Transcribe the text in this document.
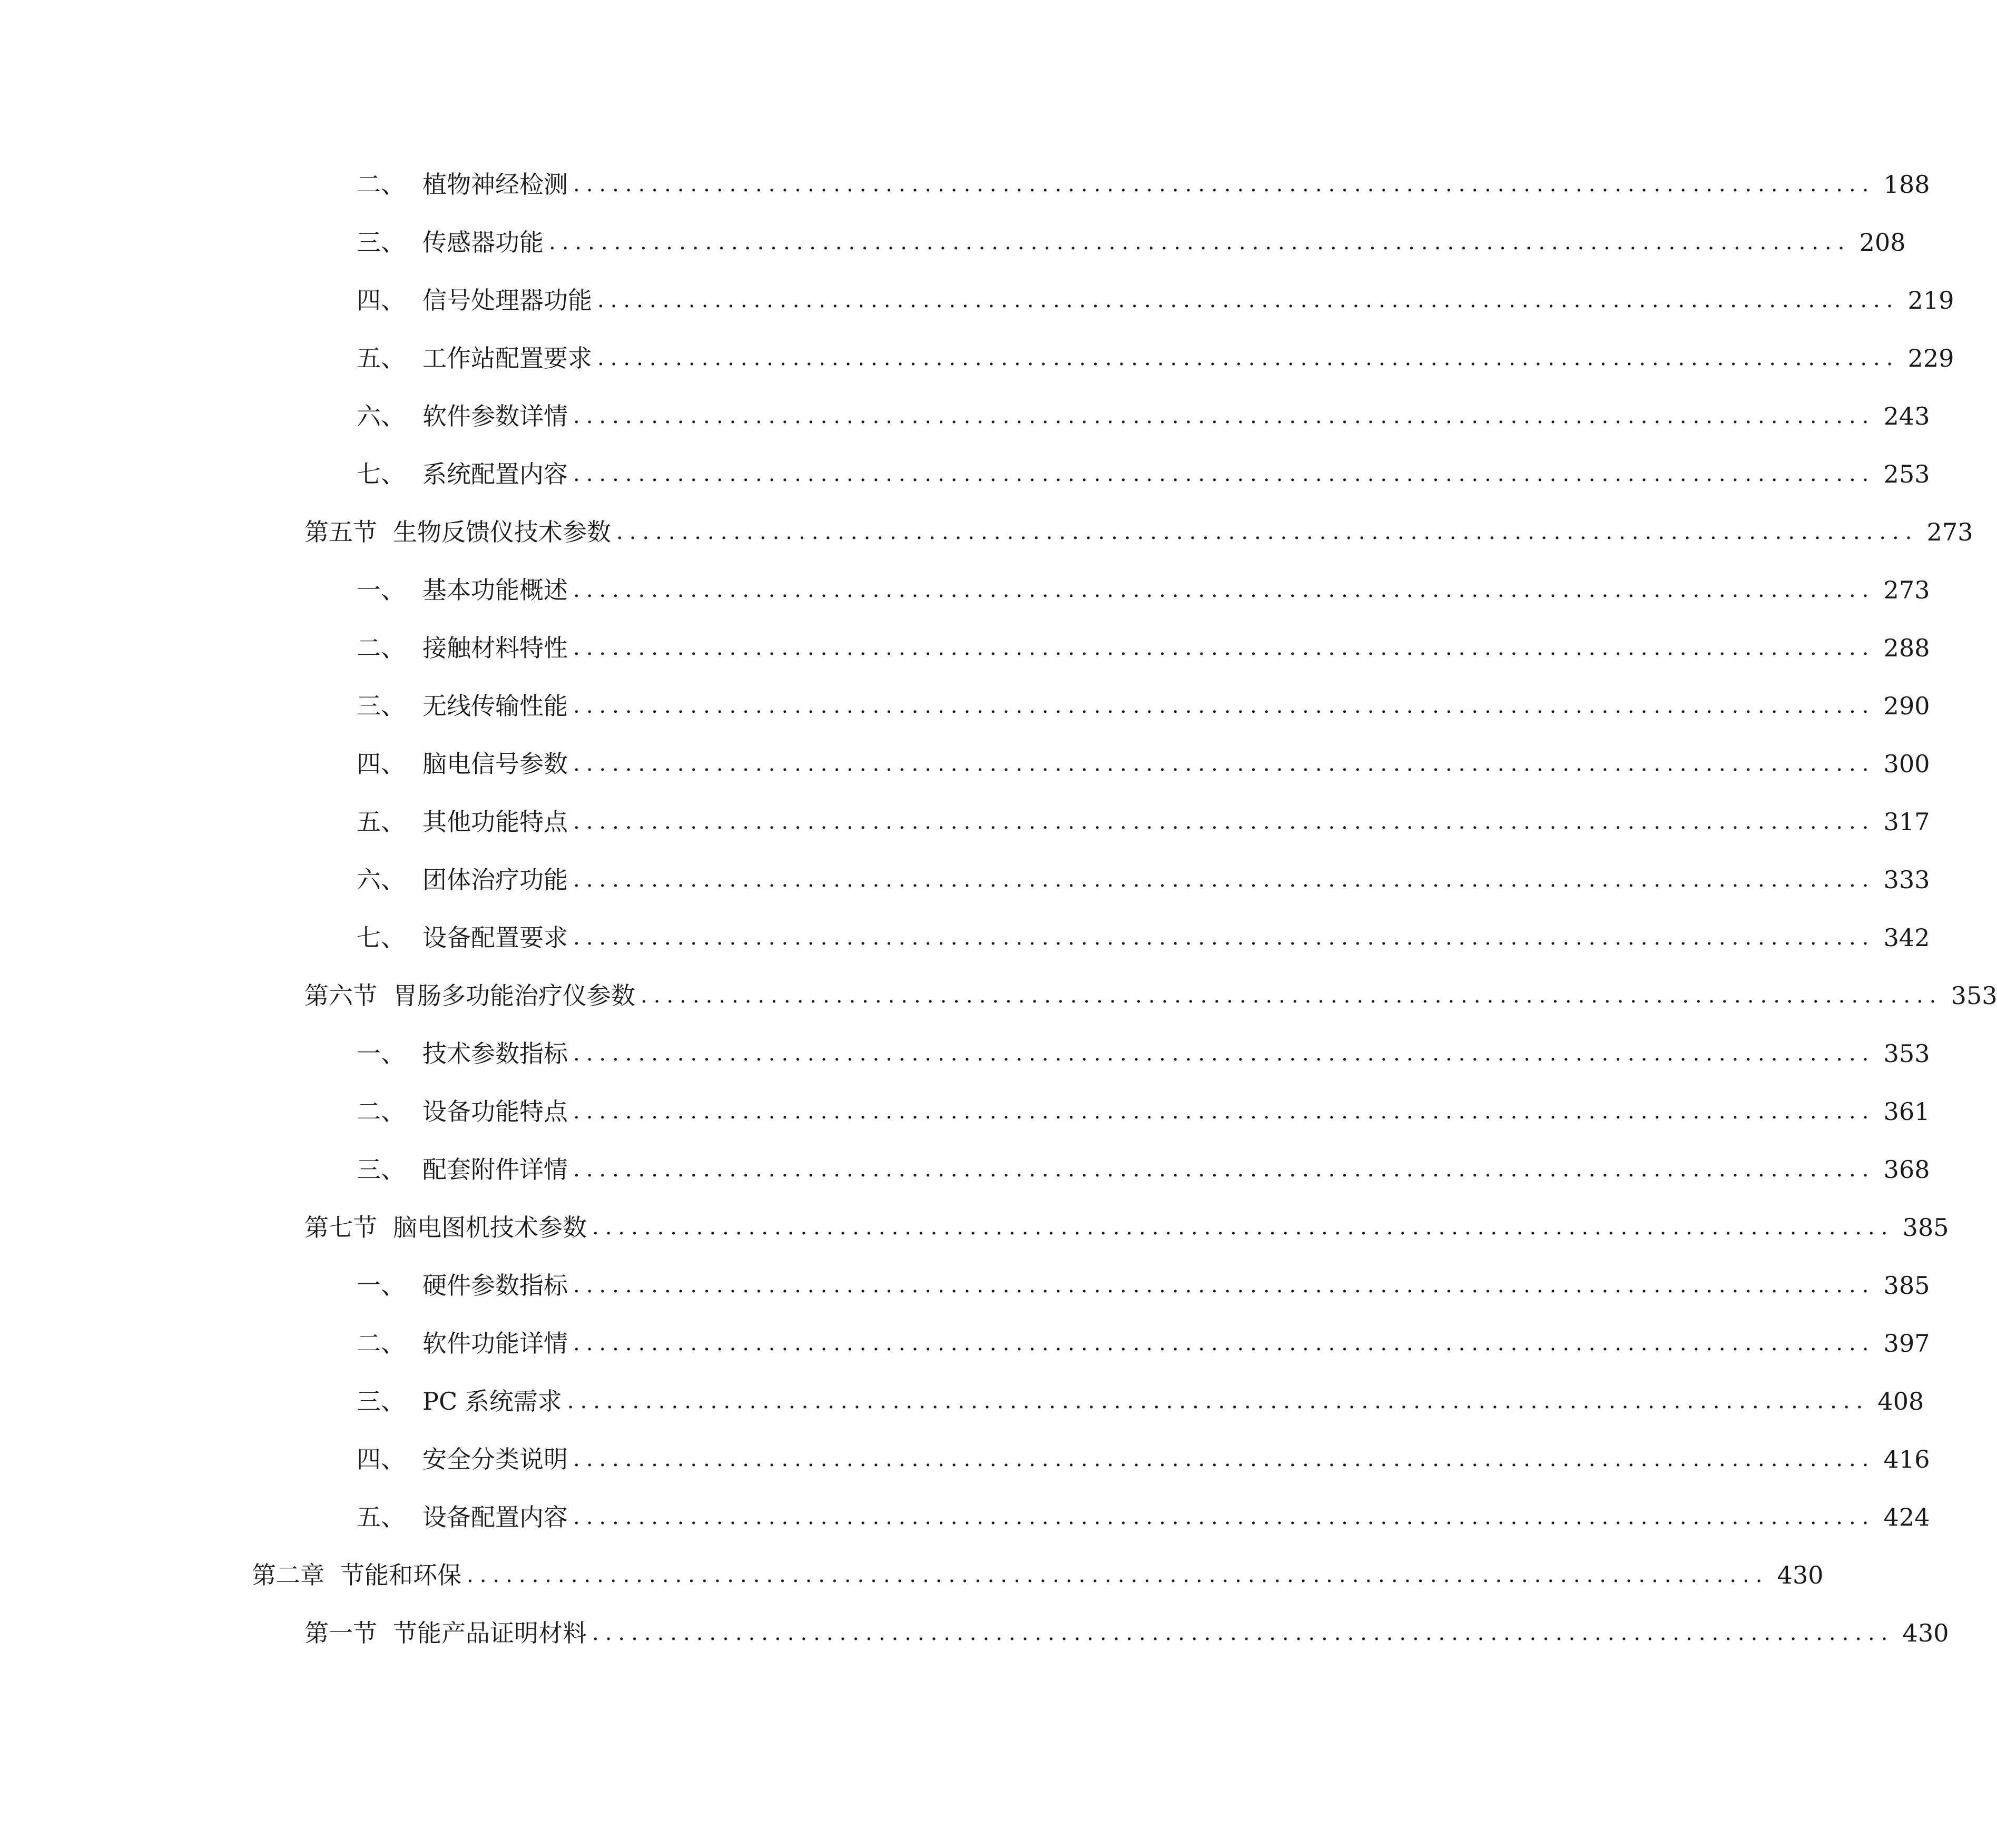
二、 植物神经检测 .................................................................................................... 188
三、 传感器功能 .................................................................................................... 208
四、 信号处理器功能 .................................................................................................... 219
五、 工作站配置要求 .................................................................................................... 229
六、 软件参数详情 .................................................................................................... 243
七、 系统配置内容 .................................................................................................... 253
第五节 生物反馈仪技术参数 .................................................................................................... 273
一、 基本功能概述 .................................................................................................... 273
二、 接触材料特性 .................................................................................................... 288
三、 无线传输性能 .................................................................................................... 290
四、 脑电信号参数 .................................................................................................... 300
五、 其他功能特点 .................................................................................................... 317
六、 团体治疗功能 .................................................................................................... 333
七、 设备配置要求 .................................................................................................... 342
第六节 胃肠多功能治疗仪参数 .................................................................................................... 353
一、 技术参数指标 .................................................................................................... 353
二、 设备功能特点 .................................................................................................... 361
三、 配套附件详情 .................................................................................................... 368
第七节 脑电图机技术参数 .................................................................................................... 385
一、 硬件参数指标 .................................................................................................... 385
二、 软件功能详情 .................................................................................................... 397
三、 PC 系统需求 .................................................................................................... 408
四、 安全分类说明 .................................................................................................... 416
五、 设备配置内容 .................................................................................................... 424
第二章 节能和环保 .................................................................................................... 430
第一节 节能产品证明材料 .................................................................................................... 430
